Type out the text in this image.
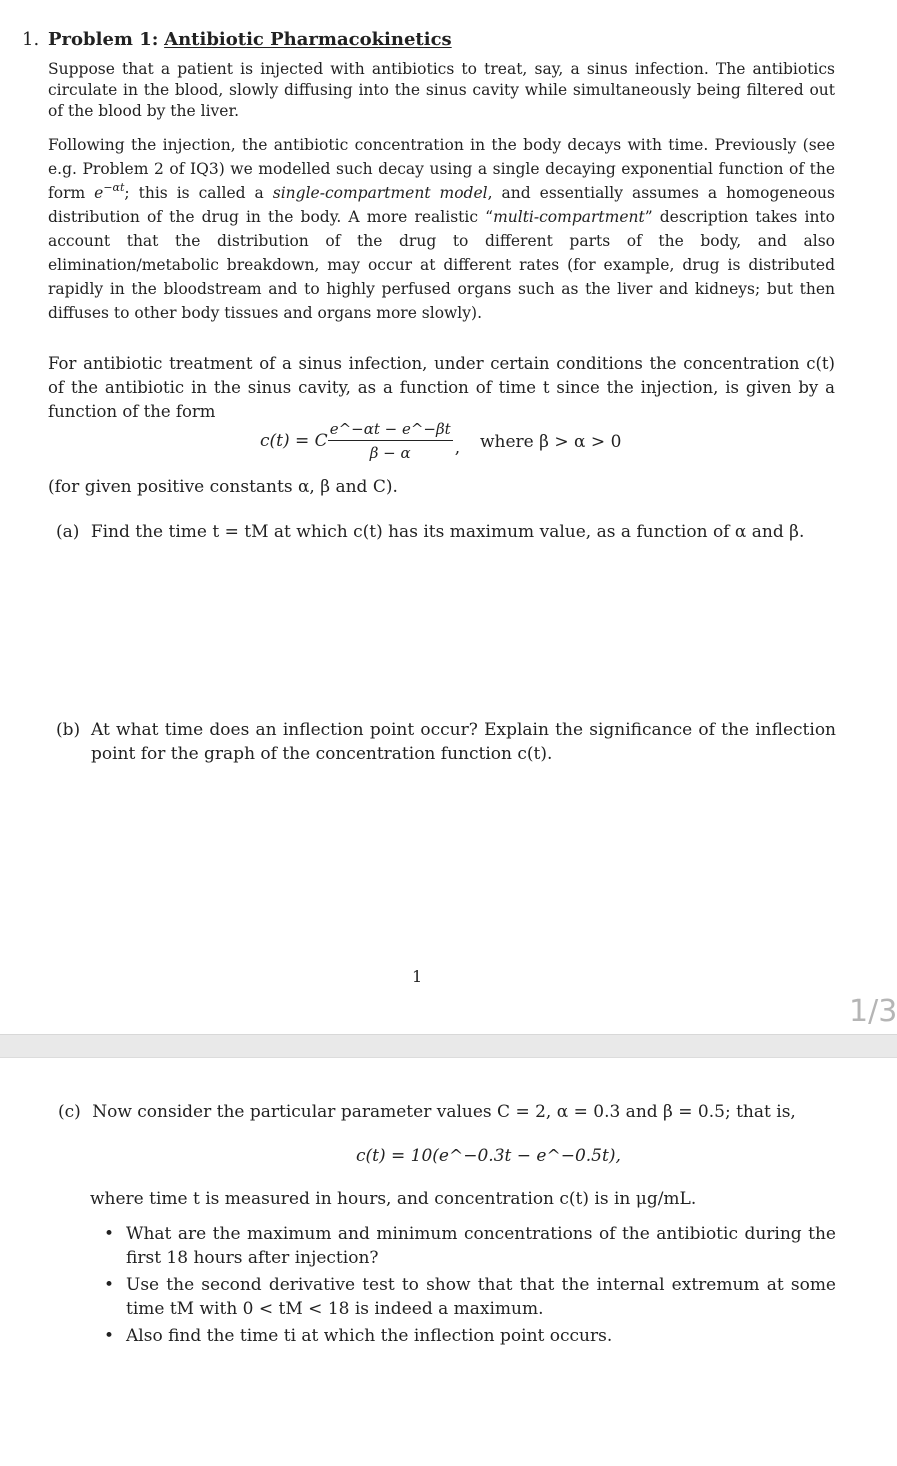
1. Problem 1: Antibiotic Pharmacokinetics

Suppose that a patient is injected with antibiotics to treat, say, a sinus infection. The antibiotics circulate in the blood, slowly diffusing into the sinus cavity while simultaneously being filtered out of the blood by the liver.

Following the injection, the antibiotic concentration in the body decays with time. Previously (see e.g. Problem 2 of IQ3) we modelled such decay using a single decaying exponential function of the form $e^{-\alpha t}$; this is called a single-compartment model, and essentially assumes a homogeneous distribution of the drug in the body. A more realistic “multi-compartment” description takes into account that the distribution of the drug to different parts of the body, and also elimination/metabolic breakdown, may occur at different rates (for example, drug is distributed rapidly in the bloodstream and to highly perfused organs such as the liver and kidneys; but then diffuses to other body tissues and organs more slowly).

For antibiotic treatment of a sinus infection, under certain conditions the concentration c(t) of the antibiotic in the sinus cavity, as a function of time t since the injection, is given by a function of the form

c(t) = C $\frac{e\^{}-\alpha t - e\^{}-\beta t}{\beta - \alpha}$ , where β > α > 0
(for given positive constants α, β and C).
(a) Find the time t = tM at which c(t) has its maximum value, as a function of α and β.
(b) At what time does an inflection point occur? Explain the significance of the inflection point for the graph of the concentration function c(t).
1
1/3
(c) Now consider the particular parameter values C = 2, α = 0.3 and β = 0.5; that is,
c(t) = 10(e^−0.3t − e^−0.5t),
where time t is measured in hours, and concentration c(t) is in μg/mL.
• What are the maximum and minimum concentrations of the antibiotic during the first 18 hours after injection?
• Use the second derivative test to show that that the internal extremum at some time tM with 0 < tM < 18 is indeed a maximum.
• Also find the time ti at which the inflection point occurs.
